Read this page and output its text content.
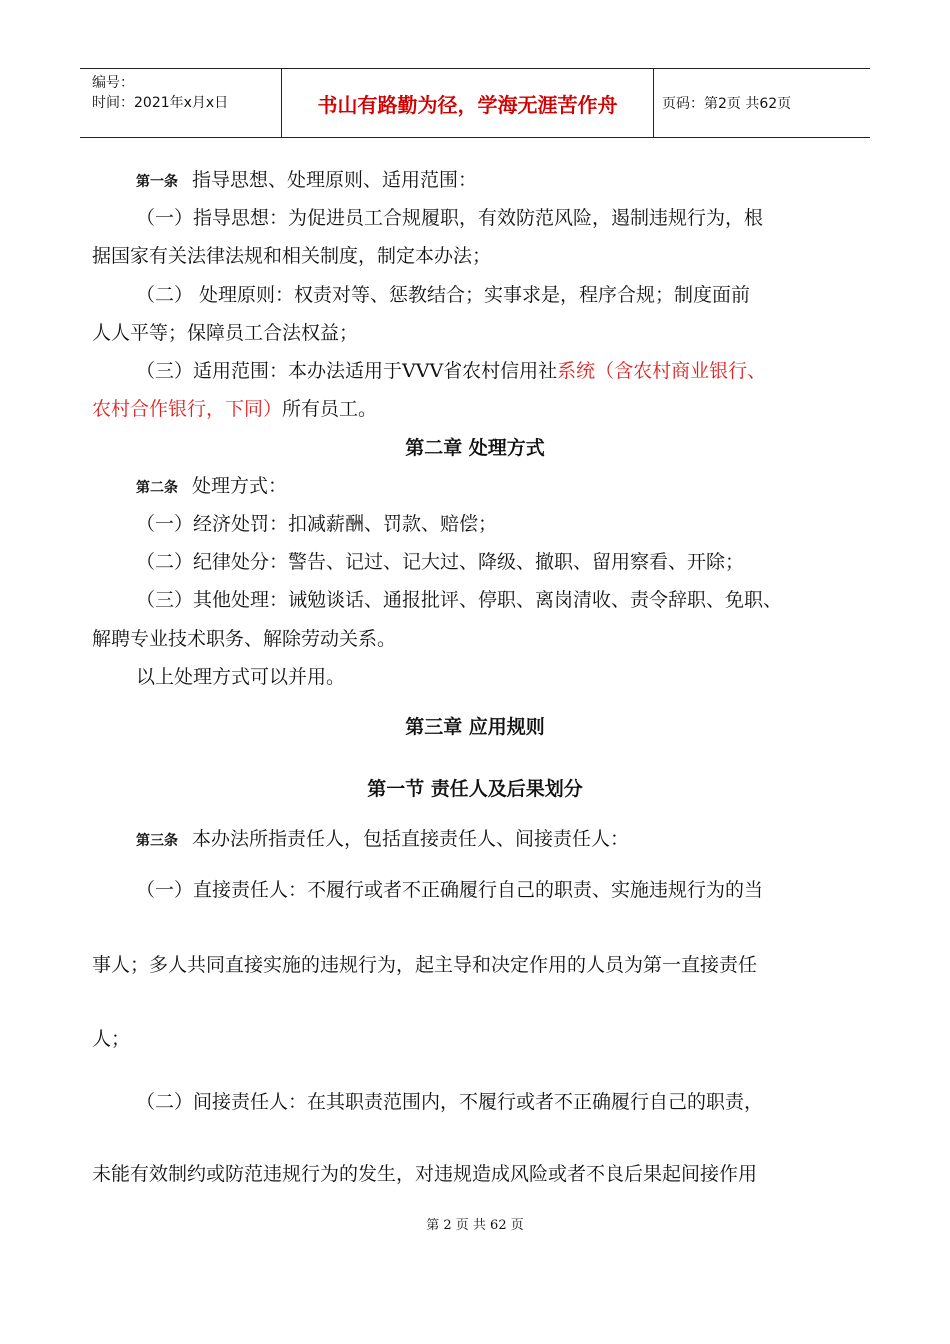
编号：
时间：2021年x月x日	书山有路勤为径，学海无涯苦作舟	页码：第2页 共62页
第一条 指导思想、处理原则、适用范围：
（一）指导思想：为促进员工合规履职，有效防范风险，遏制违规行为，根
据国家有关法律法规和相关制度，制定本办法；
（二） 处理原则：权责对等、惩教结合；实事求是，程序合规；制度面前
人人平等；保障员工合法权益；
（三）适用范围：本办法适用于VVV省农村信用社系统（含农村商业银行、
农村合作银行，下同）所有员工。
第二章 处理方式
第二条 处理方式：
（一）经济处罚：扣减薪酬、罚款、赔偿；
（二）纪律处分：警告、记过、记大过、降级、撤职、留用察看、开除；
（三）其他处理：诫勉谈话、通报批评、停职、离岗清收、责令辞职、免职、
解聘专业技术职务、解除劳动关系。
以上处理方式可以并用。
第三章 应用规则
第一节 责任人及后果划分
第三条 本办法所指责任人，包括直接责任人、间接责任人：
（一）直接责任人：不履行或者不正确履行自己的职责、实施违规行为的当
事人；多人共同直接实施的违规行为，起主导和决定作用的人员为第一直接责任
人；
（二）间接责任人：在其职责范围内，不履行或者不正确履行自己的职责，
未能有效制约或防范违规行为的发生，对违规造成风险或者不良后果起间接作用
第 2 页 共 62 页
